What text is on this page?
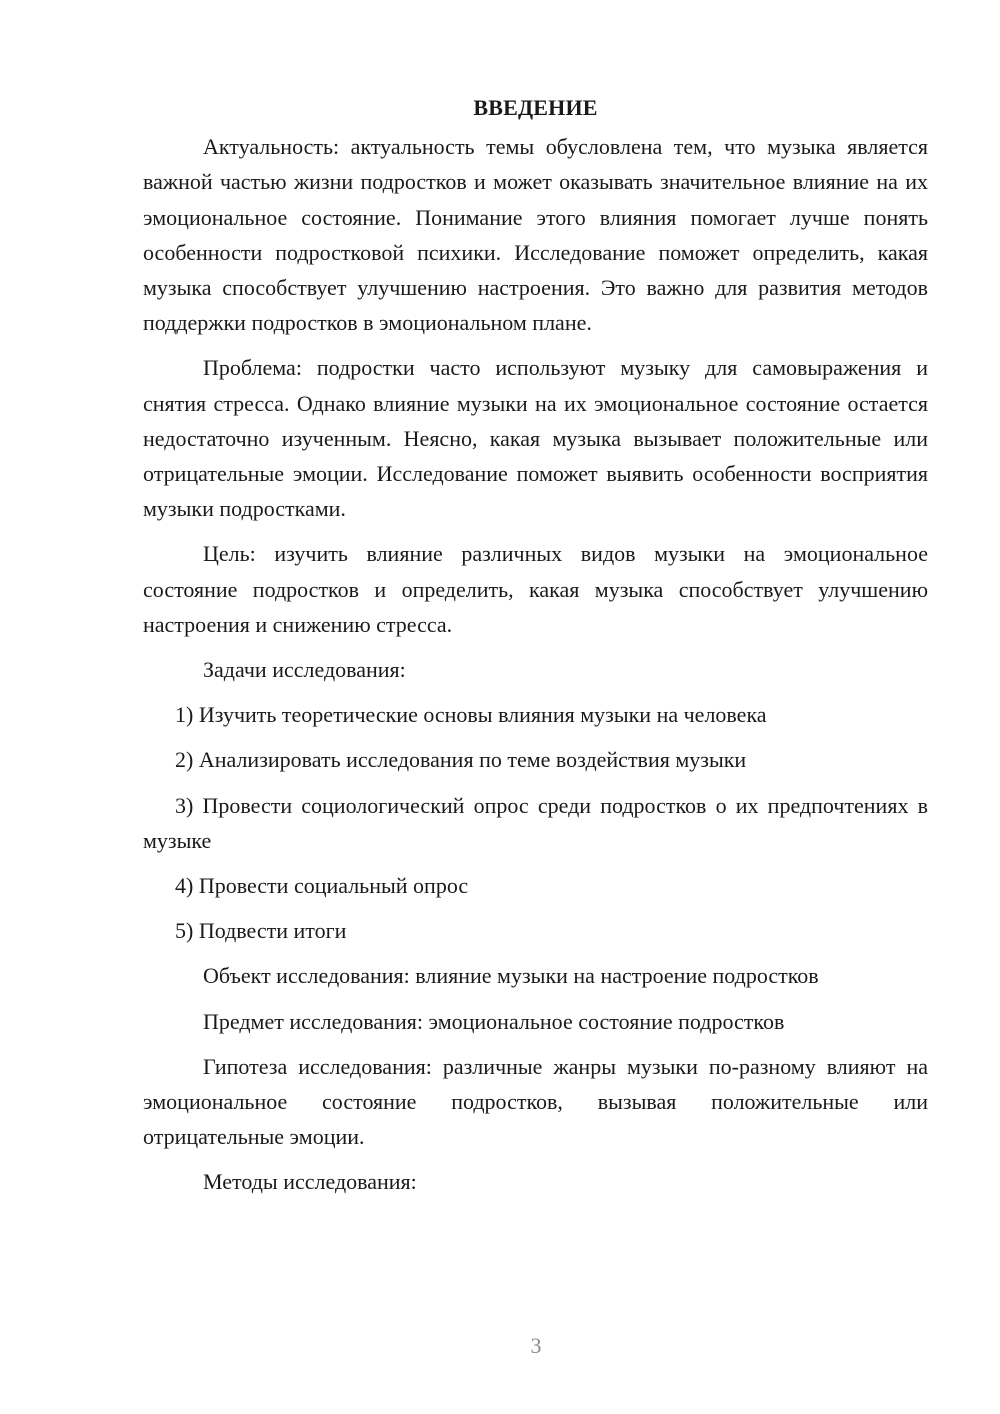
ВВЕДЕНИЕ

Актуальность: актуальность темы обусловлена тем, что музыка является важной частью жизни подростков и может оказывать значительное влияние на их эмоциональное состояние. Понимание этого влияния помогает лучше понять особенности подростковой психики. Исследование поможет определить, какая музыка способствует улучшению настроения. Это важно для развития методов поддержки подростков в эмоциональном плане.

Проблема: подростки часто используют музыку для самовыражения и снятия стресса. Однако влияние музыки на их эмоциональное состояние остается недостаточно изученным. Неясно, какая музыка вызывает положительные или отрицательные эмоции. Исследование поможет выявить особенности восприятия музыки подростками.

Цель: изучить влияние различных видов музыки на эмоциональное состояние подростков и определить, какая музыка способствует улучшению настроения и снижению стресса.

Задачи исследования:

1) Изучить теоретические основы влияния музыки на человека

2) Анализировать исследования по теме воздействия музыки

3) Провести социологический опрос среди подростков о их предпочтениях в музыке

4) Провести социальный опрос

5) Подвести итоги

Объект исследования: влияние музыки на настроение подростков

Предмет исследования: эмоциональное состояние подростков

Гипотеза исследования: различные жанры музыки по-разному влияют на эмоциональное состояние подростков, вызывая положительные или отрицательные эмоции.

Методы исследования:

3
